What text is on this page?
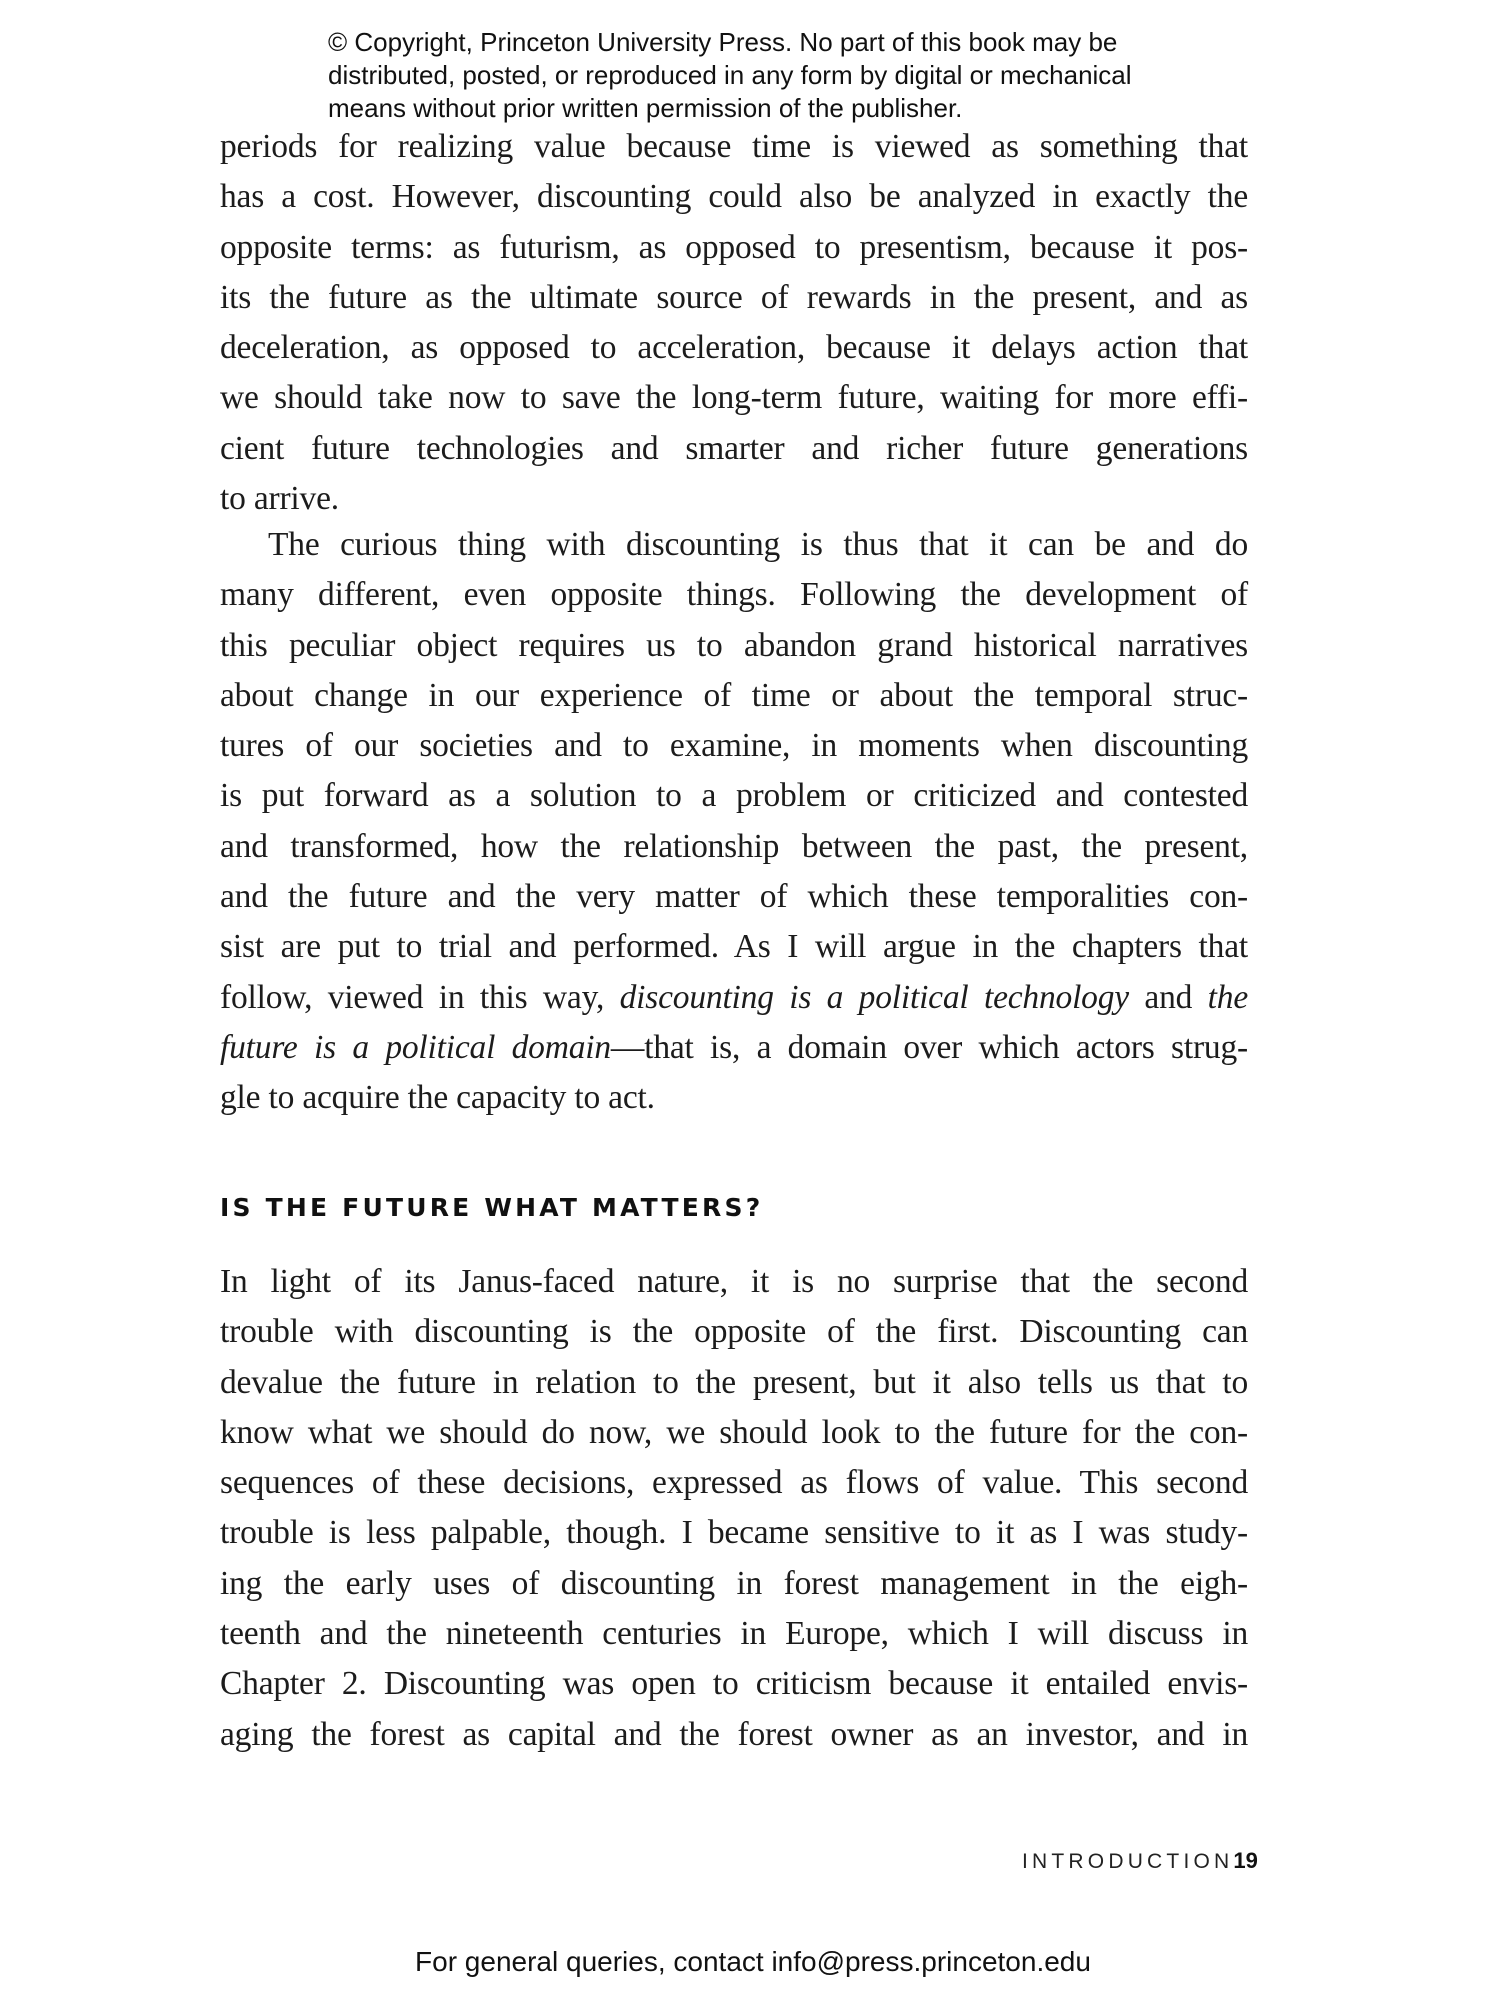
© Copyright, Princeton University Press. No part of this book may be
distributed, posted, or reproduced in any form by digital or mechanical
means without prior written permission of the publisher.
periods for realizing value because time is viewed as something that
has a cost. However, discounting could also be analyzed in exactly the
opposite terms: as futurism, as opposed to presentism, because it pos-
its the future as the ultimate source of rewards in the present, and as
deceleration, as opposed to acceleration, because it delays action that
we should take now to save the long-term future, waiting for more effi-
cient future technologies and smarter and richer future generations
to arrive.
The curious thing with discounting is thus that it can be and do
many different, even opposite things. Following the development of
this peculiar object requires us to abandon grand historical narratives
about change in our experience of time or about the temporal struc-
tures of our societies and to examine, in moments when discounting
is put forward as a solution to a problem or criticized and contested
and transformed, how the relationship between the past, the present,
and the future and the very matter of which these temporalities con-
sist are put to trial and performed. As I will argue in the chapters that
follow, viewed in this way, discounting is a political technology and the
future is a political domain—that is, a domain over which actors strug-
gle to acquire the capacity to act.
IS THE FUTURE WHAT MATTERS?
In light of its Janus-faced nature, it is no surprise that the second
trouble with discounting is the opposite of the first. Discounting can
devalue the future in relation to the present, but it also tells us that to
know what we should do now, we should look to the future for the con-
sequences of these decisions, expressed as flows of value. This second
trouble is less palpable, though. I became sensitive to it as I was study-
ing the early uses of discounting in forest management in the eigh-
teenth and the nineteenth centuries in Europe, which I will discuss in
Chapter 2. Discounting was open to criticism because it entailed envis-
aging the forest as capital and the forest owner as an investor, and in
INTRODUCTION 19
For general queries, contact info@press.princeton.edu
